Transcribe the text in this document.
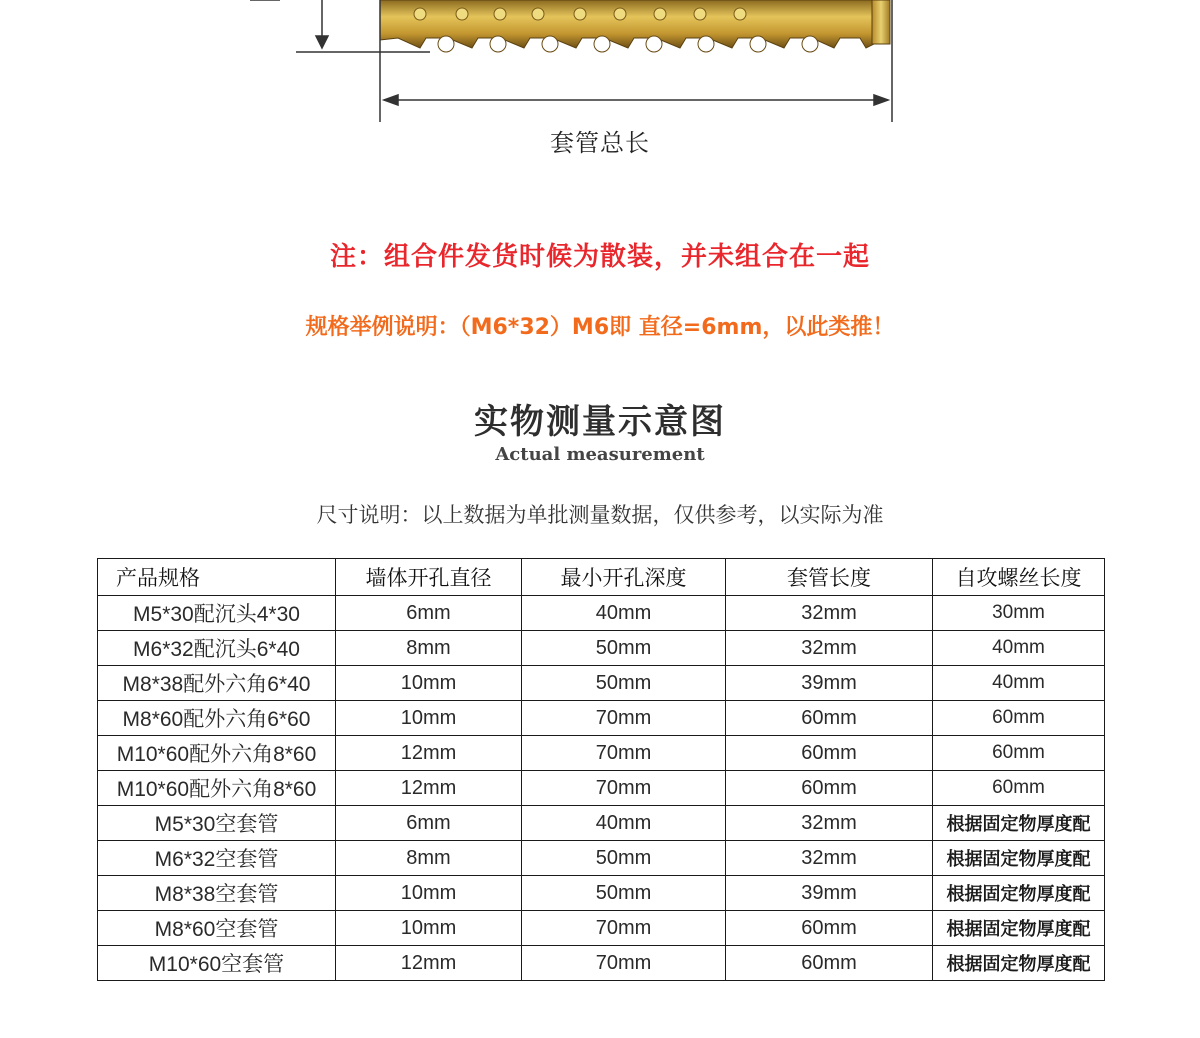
套管总长
注：组合件发货时候为散装，并未组合在一起
规格举例说明：（M6*32）M6即 直径=6mm，以此类推！
实物测量示意图
Actual measurement
尺寸说明：以上数据为单批测量数据，仅供参考，以实际为准
产品规格	墙体开孔直径	最小开孔深度	套管长度	自攻螺丝长度
M5*30配沉头4*30	6mm	40mm	32mm	30mm
M6*32配沉头6*40	8mm	50mm	32mm	40mm
M8*38配外六角6*40	10mm	50mm	39mm	40mm
M8*60配外六角6*60	10mm	70mm	60mm	60mm
M10*60配外六角8*60	12mm	70mm	60mm	60mm
M10*60配外六角8*60	12mm	70mm	60mm	60mm
M5*30空套管	6mm	40mm	32mm	根据固定物厚度配
M6*32空套管	8mm	50mm	32mm	根据固定物厚度配
M8*38空套管	10mm	50mm	39mm	根据固定物厚度配
M8*60空套管	10mm	70mm	60mm	根据固定物厚度配
M10*60空套管	12mm	70mm	60mm	根据固定物厚度配
